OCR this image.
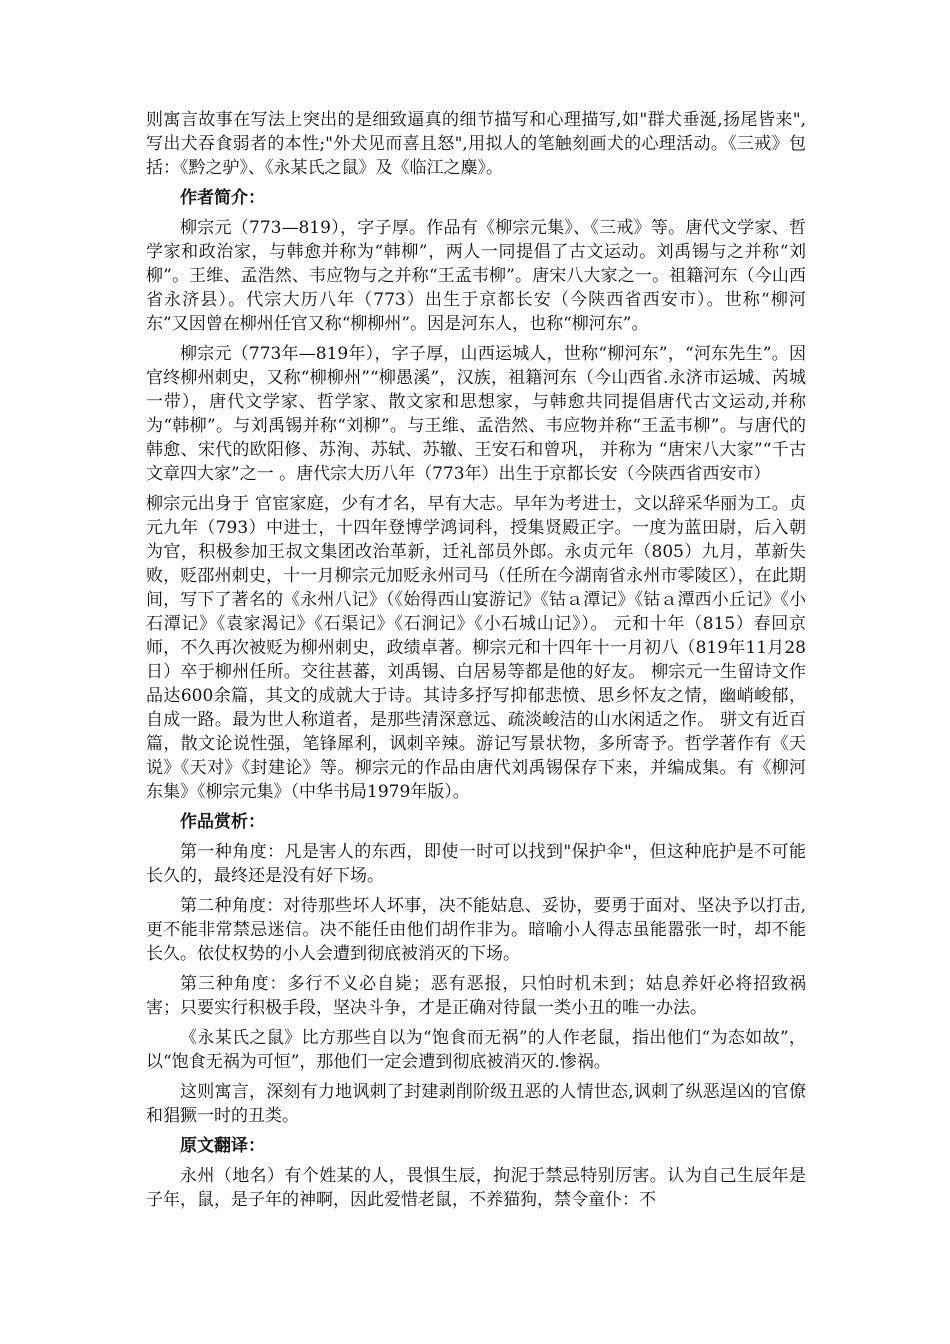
则寓言故事在写法上突出的是细致逼真的细节描写和心理描写,如"群犬垂涎,扬尾皆来",写出犬吞食弱者的本性;"外犬见而喜且怒",用拟人的笔触刻画犬的心理活动。《三戒》包括：《黔之驴》、《永某氏之鼠》及《临江之麋》。

作者简介：

柳宗元（773—819），字子厚。作品有《柳宗元集》、《三戒》等。唐代文学家、哲学家和政治家，与韩愈并称为“韩柳”，两人一同提倡了古文运动。刘禹锡与之并称“刘柳”。王维、孟浩然、韦应物与之并称“王孟韦柳”。唐宋八大家之一。祖籍河东（今山西省永济县）。代宗大历八年（773）出生于京都长安（今陕西省西安市）。世称“柳河东”又因曾在柳州任官又称“柳柳州”。因是河东人，也称“柳河东”。

柳宗元（773年—819年），字子厚，山西运城人，世称“柳河东”，“河东先生”。因官终柳州刺史，又称“柳柳州”“柳愚溪”，汉族，祖籍河东（今山西省.永济市运城、芮城一带），唐代文学家、哲学家、散文家和思想家，与韩愈共同提倡唐代古文运动,并称为“韩柳”。与刘禹锡并称“刘柳”。与王维、孟浩然、韦应物并称“王孟韦柳”。与唐代的韩愈、宋代的欧阳修、苏洵、苏轼、苏辙、王安石和曾巩， 并称为 “唐宋八大家”“千古文章四大家”之一 。唐代宗大历八年（773年）出生于京都长安（今陕西省西安市）

柳宗元出身于 官宦家庭，少有才名，早有大志。早年为考进士，文以辞采华丽为工。贞元九年（793）中进士，十四年登博学鸿词科，授集贤殿正字。一度为蓝田尉，后入朝为官，积极参加王叔文集团改治革新，迁礼部员外郎。永贞元年（805）九月，革新失败，贬邵州刺史，十一月柳宗元加贬永州司马（任所在今湖南省永州市零陵区），在此期间，写下了著名的《永州八记》（《始得西山宴游记》《钴ａ潭记》《钴ａ潭西小丘记》《小石潭记》《袁家渴记》《石渠记》《石涧记》《小石城山记》）。 元和十年（815）春回京师，不久再次被贬为柳州刺史，政绩卓著。柳宗元和十四年十一月初八（819年11月28日）卒于柳州任所。交往甚蕃，刘禹锡、白居易等都是他的好友。 柳宗元一生留诗文作品达600余篇，其文的成就大于诗。其诗多抒写抑郁悲愤、思乡怀友之情，幽峭峻郁，自成一路。最为世人称道者，是那些清深意远、疏淡峻洁的山水闲适之作。 骈文有近百篇，散文论说性强，笔锋犀利，讽刺辛辣。游记写景状物，多所寄予。哲学著作有《天说》《天对》《封建论》等。柳宗元的作品由唐代刘禹锡保存下来，并编成集。有《柳河东集》《柳宗元集》（中华书局1979年版）。

作品赏析：

第一种角度：凡是害人的东西，即使一时可以找到"保护伞"，但这种庇护是不可能长久的，最终还是没有好下场。

第二种角度：对待那些坏人坏事，决不能姑息、妥协，要勇于面对、坚决予以打击,更不能非常禁忌迷信。决不能任由他们胡作非为。暗喻小人得志虽能嚣张一时，却不能长久。依仗权势的小人会遭到彻底被消灭的下场。

第三种角度：多行不义必自毙；恶有恶报，只怕时机未到；姑息养奸必将招致祸害；只要实行积极手段，坚决斗争，才是正确对待鼠一类小丑的唯一办法。

《永某氏之鼠》比方那些自以为“饱食而无祸”的人作老鼠，指出他们“为态如故”，以“饱食无祸为可恒”，那他们一定会遭到彻底被消灭的.惨祸。

这则寓言，深刻有力地讽刺了封建剥削阶级丑恶的人情世态,讽刺了纵恶逞凶的官僚和猖獗一时的丑类。

原文翻译：

永州（地名）有个姓某的人，畏惧生辰，拘泥于禁忌特别厉害。认为自己生辰年是子年，鼠，是子年的神啊，因此爱惜老鼠，不养猫狗，禁令童仆：不
